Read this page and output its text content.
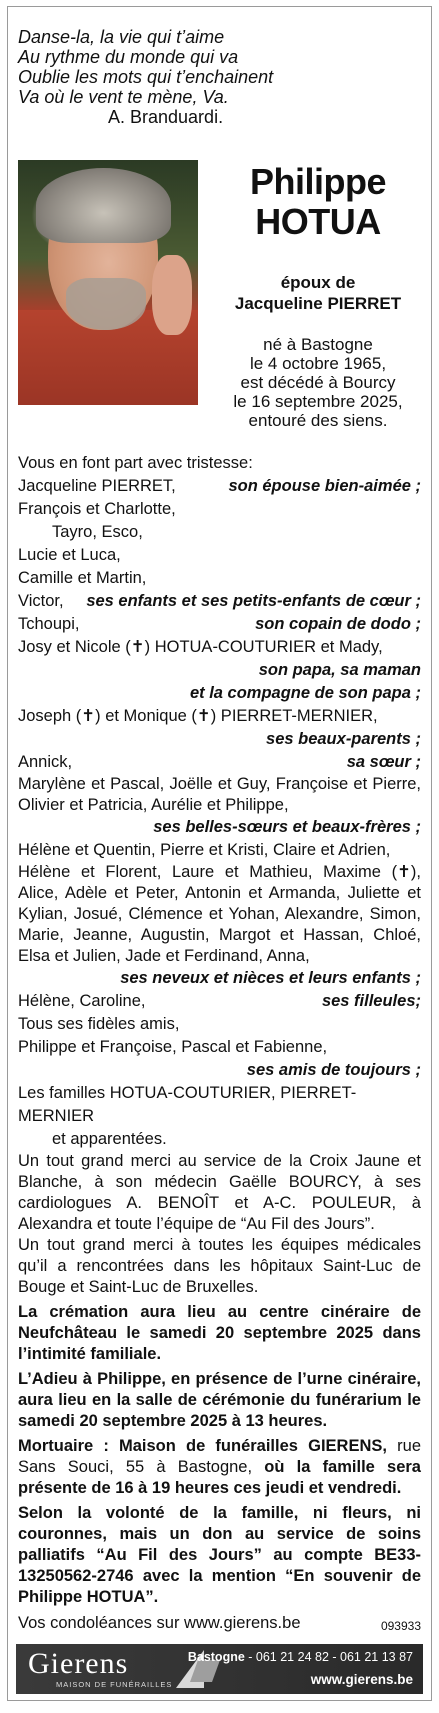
Danse-la, la vie qui t’aime
Au rythme du monde qui va
Oublie les mots qui t’enchainent
Va où le vent te mène, Va.
A. Branduardi.
Philippe
HOTUA
époux de
Jacqueline PIERRET
né à Bastogne
le 4 octobre 1965,
est décédé à Bourcy
le 16 septembre 2025,
entouré des siens.
Vous en font part avec tristesse:
Jacqueline PIERRET,	son épouse bien-aimée ;
François et Charlotte,
Tayro, Esco,
Lucie et Luca,
Camille et Martin,
Victor, ses enfants et ses petits-enfants de cœur ;
Tchoupi,	son copain de dodo ;
Josy et Nicole (✝) HOTUA-COUTURIER et Mady,
son papa, sa maman
et la compagne de son papa ;
Joseph (✝) et Monique (✝) PIERRET-MERNIER,
ses beaux-parents ;
Annick,	sa sœur ;
Marylène et Pascal, Joëlle et Guy, Françoise et Pierre, Olivier et Patricia, Aurélie et Philippe,
ses belles-sœurs et beaux-frères ;
Hélène et Quentin, Pierre et Kristi, Claire et Adrien,
Hélène et Florent, Laure et Mathieu, Maxime (✝), Alice, Adèle et Peter, Antonin et Armanda, Juliette et Kylian, Josué, Clémence et Yohan, Alexandre, Simon, Marie, Jeanne, Augustin, Margot et Hassan, Chloé, Elsa et Julien, Jade et Ferdinand, Anna,
ses neveux et nièces et leurs enfants ;
Hélène, Caroline,	ses filleules;
Tous ses fidèles amis,
Philippe et Françoise, Pascal et Fabienne,
ses amis de toujours ;
Les familles HOTUA-COUTURIER, PIERRET-MERNIER
et apparentées.
Un tout grand merci au service de la Croix Jaune et Blanche, à son médecin Gaëlle BOURCY, à ses cardiologues A. BENOÎT et A-C. POULEUR, à Alexandra et toute l’équipe de “Au Fil des Jours”.
Un tout grand merci à toutes les équipes médicales qu’il a rencontrées dans les hôpitaux Saint-Luc de Bouge et Saint-Luc de Bruxelles.
La crémation aura lieu au centre cinéraire de Neufchâteau le samedi 20 septembre 2025 dans l’intimité familiale.
L’Adieu à Philippe, en présence de l’urne cinéraire, aura lieu en la salle de cérémonie du funérarium le samedi 20 septembre 2025 à 13 heures.
Mortuaire : Maison de funérailles GIERENS, rue Sans Souci, 55 à Bastogne, où la famille sera présente de 16 à 19 heures ces jeudi et vendredi.
Selon la volonté de la famille, ni fleurs, ni couronnes, mais un don au service de soins palliatifs “Au Fil des Jours” au compte BE33-13250562-2746 avec la mention “En souvenir de Philippe HOTUA”.
Vos condoléances sur www.gierens.be	093933
Gierens
MAISON DE FUNÉRAILLES
Bastogne - 061 21 24 82 - 061 21 13 87
www.gierens.be
